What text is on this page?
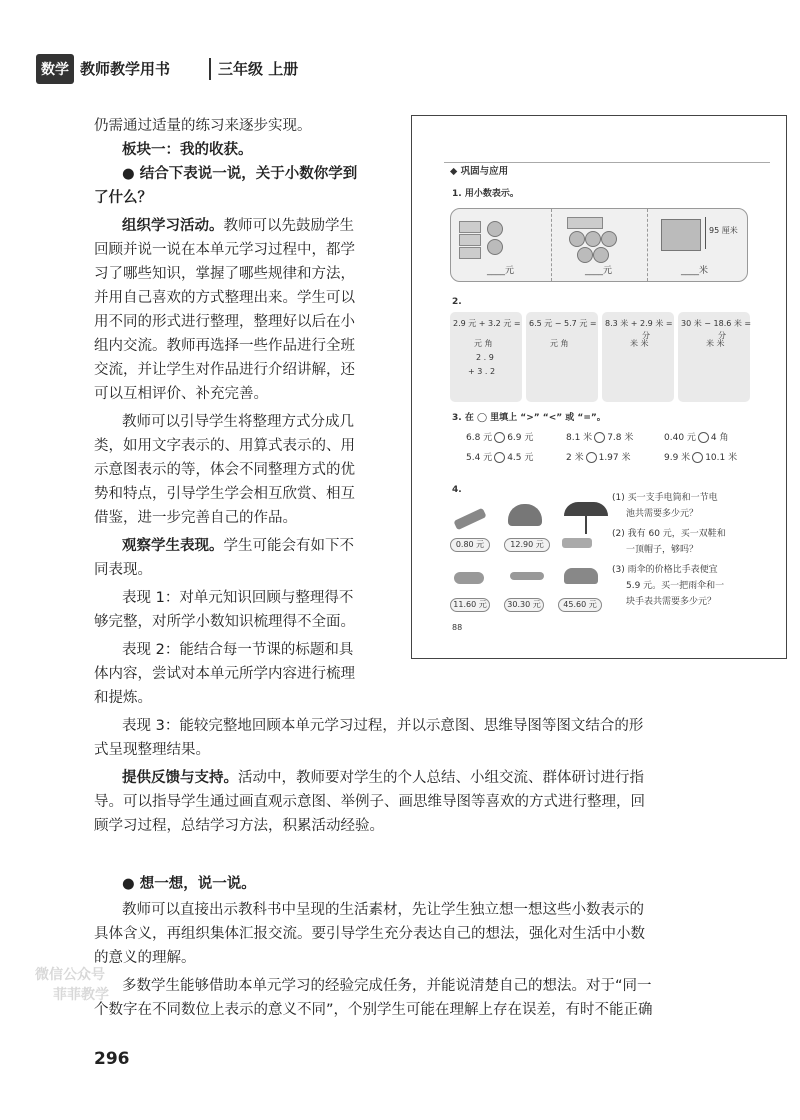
数学 教师教学用书	三年级 上册
仍需通过适量的练习来逐步实现。
板块一：我的收获。
● 结合下表说一说，关于小数你学到
了什么？
组织学习活动。教师可以先鼓励学生
回顾并说一说在本单元学习过程中，都学
习了哪些知识，掌握了哪些规律和方法，
并用自己喜欢的方式整理出来。学生可以
用不同的形式进行整理，整理好以后在小
组内交流。教师再选择一些作品进行全班
交流，并让学生对作品进行介绍讲解，还
可以互相评价、补充完善。
教师可以引导学生将整理方式分成几
类，如用文字表示的、用算式表示的、用
示意图表示的等，体会不同整理方式的优
势和特点，引导学生学会相互欣赏、相互
借鉴，进一步完善自己的作品。
观察学生表现。学生可能会有如下不
同表现。
表现 1：对单元知识回顾与整理得不
够完整，对所学小数知识梳理得不全面。
表现 2：能结合每一节课的标题和具
体内容，尝试对本单元所学内容进行梳理
和提炼。
表现 3：能较完整地回顾本单元学习过程，并以示意图、思维导图等图文结合的形
式呈现整理结果。
提供反馈与支持。活动中，教师要对学生的个人总结、小组交流、群体研讨进行指
导。可以指导学生通过画直观示意图、举例子、画思维导图等喜欢的方式进行整理，回
顾学习过程，总结学习方法，积累活动经验。
● 想一想，说一说。
教师可以直接出示教科书中呈现的生活素材，先让学生独立想一想这些小数表示的
具体含义，再组织集体汇报交流。要引导学生充分表达自己的想法，强化对生活中小数
的意义的理解。
多数学生能够借助本单元学习的经验完成任务，并能说清楚自己的想法。对于“同一
个数字在不同数位上表示的意义不同”，个别学生可能在理解上存在误差，有时不能正确
微信公众号
菲菲教学
296
◆ 巩固与应用
1. 用小数表示。
95 厘米
____元	____元	____米
2.
2.9 元 + 3.2 元 =
元 角
2 . 9
+ 3 . 2
6.5 元 − 5.7 元 =
元 角
8.3 米 + 2.9 米 =
分
米 米
30 米 − 18.6 米 =
分
米 米
3. 在 ◯ 里填上 “>” “<” 或 “=”。
6.8 元 6.9 元	8.1 米 7.8 米	0.40 元 4 角
5.4 元 4.5 元	2 米 1.97 米	9.9 米 10.1 米
4.
0.80 元	12.90 元
11.60 元	30.30 元	45.60 元
(1) 买一支手电筒和一节电
池共需要多少元？
(2) 我有 60 元，买一双鞋和
一顶帽子，够吗？
(3) 雨伞的价格比手表便宜
5.9 元。买一把雨伞和一
块手表共需要多少元？
88
